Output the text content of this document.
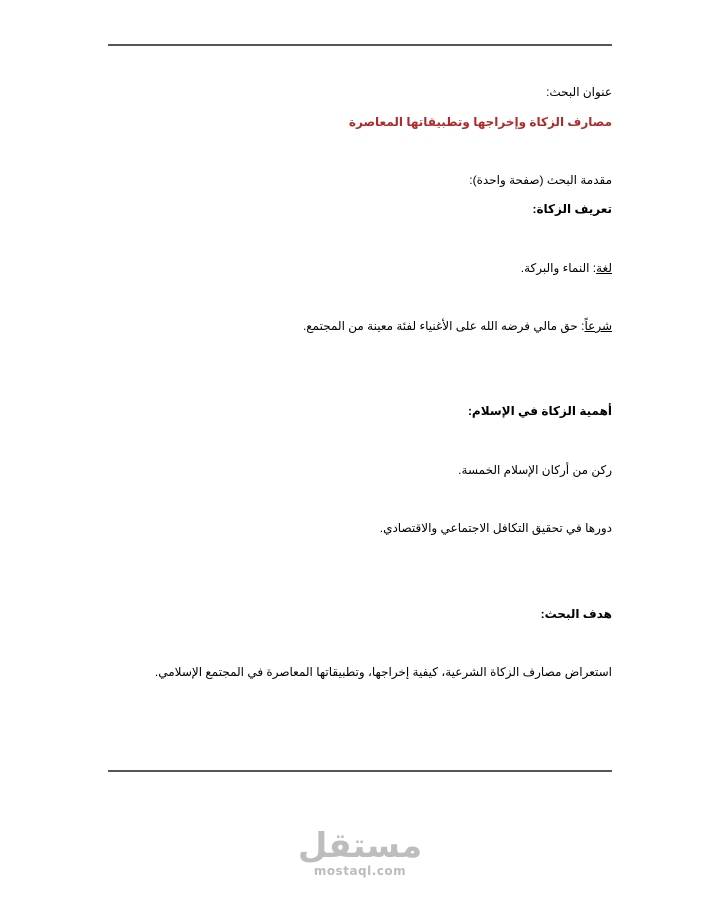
عنوان البحث:
مصارف الزكاة وإخراجها وتطبيقاتها المعاصرة
مقدمة البحث (صفحة واحدة):
تعريف الزكاة:
لغة: النماء والبركة.
شرعاً: حق مالي فرضه الله على الأغنياء لفئة معينة من المجتمع.
أهمية الزكاة في الإسلام:
ركن من أركان الإسلام الخمسة.
دورها في تحقيق التكافل الاجتماعي والاقتصادي.
هدف البحث:
استعراض مصارف الزكاة الشرعية، كيفية إخراجها، وتطبيقاتها المعاصرة في المجتمع الإسلامي.
مستقل
mostaql.com
